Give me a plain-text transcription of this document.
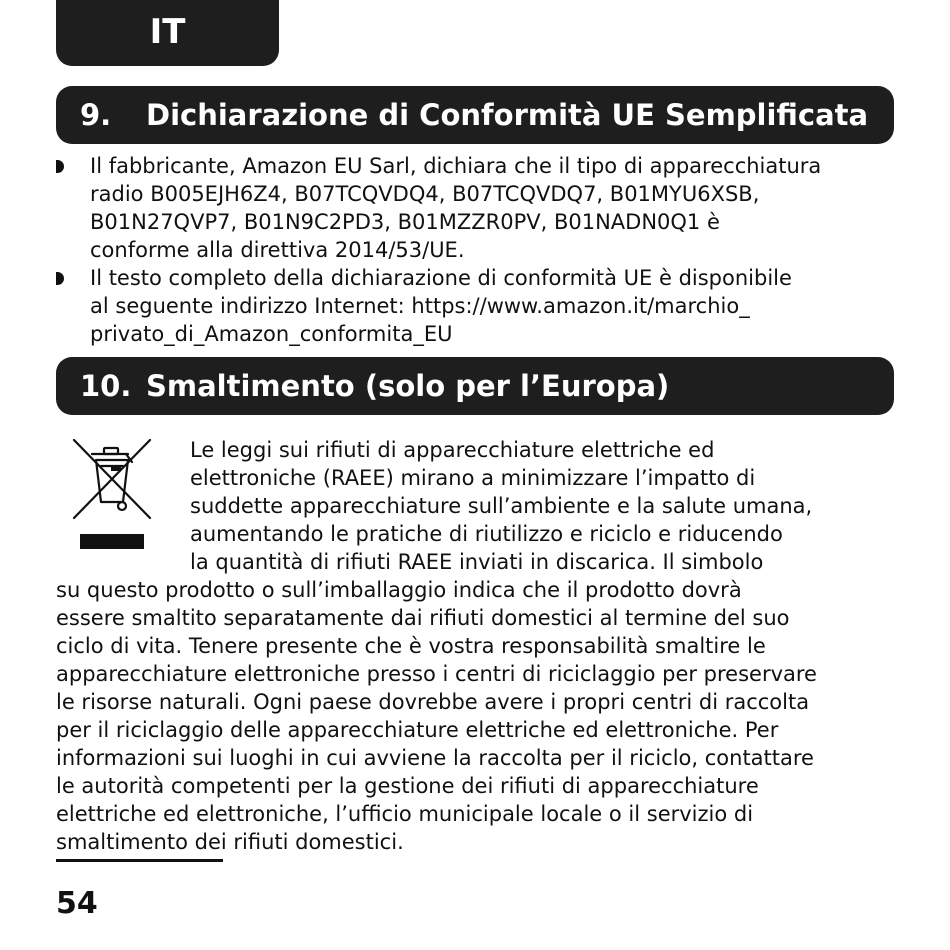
IT
9.	Dichiarazione di Conformità UE Semplificata
Il fabbricante, Amazon EU Sarl, dichiara che il tipo di apparecchiatura
radio B005EJH6Z4, B07TCQVDQ4, B07TCQVDQ7, B01MYU6XSB,
B01N27QVP7, B01N9C2PD3, B01MZZR0PV, B01NADN0Q1 è
conforme alla direttiva 2014/53/UE.
Il testo completo della dichiarazione di conformità UE è disponibile
al seguente indirizzo Internet: https://www.amazon.it/marchio_
privato_di_Amazon_conformita_EU
10. Smaltimento (solo per l’Europa)
Le leggi sui rifiuti di apparecchiature elettriche ed
elettroniche (RAEE) mirano a minimizzare l’impatto di
suddette apparecchiature sull’ambiente e la salute umana,
aumentando le pratiche di riutilizzo e riciclo e riducendo
la quantità di rifiuti RAEE inviati in discarica. Il simbolo
su questo prodotto o sull’imballaggio indica che il prodotto dovrà
essere smaltito separatamente dai rifiuti domestici al termine del suo
ciclo di vita. Tenere presente che è vostra responsabilità smaltire le
apparecchiature elettroniche presso i centri di riciclaggio per preservare
le risorse naturali. Ogni paese dovrebbe avere i propri centri di raccolta
per il riciclaggio delle apparecchiature elettriche ed elettroniche. Per
informazioni sui luoghi in cui avviene la raccolta per il riciclo, contattare
le autorità competenti per la gestione dei rifiuti di apparecchiature
elettriche ed elettroniche, l’ufficio municipale locale o il servizio di
smaltimento dei rifiuti domestici.
54
